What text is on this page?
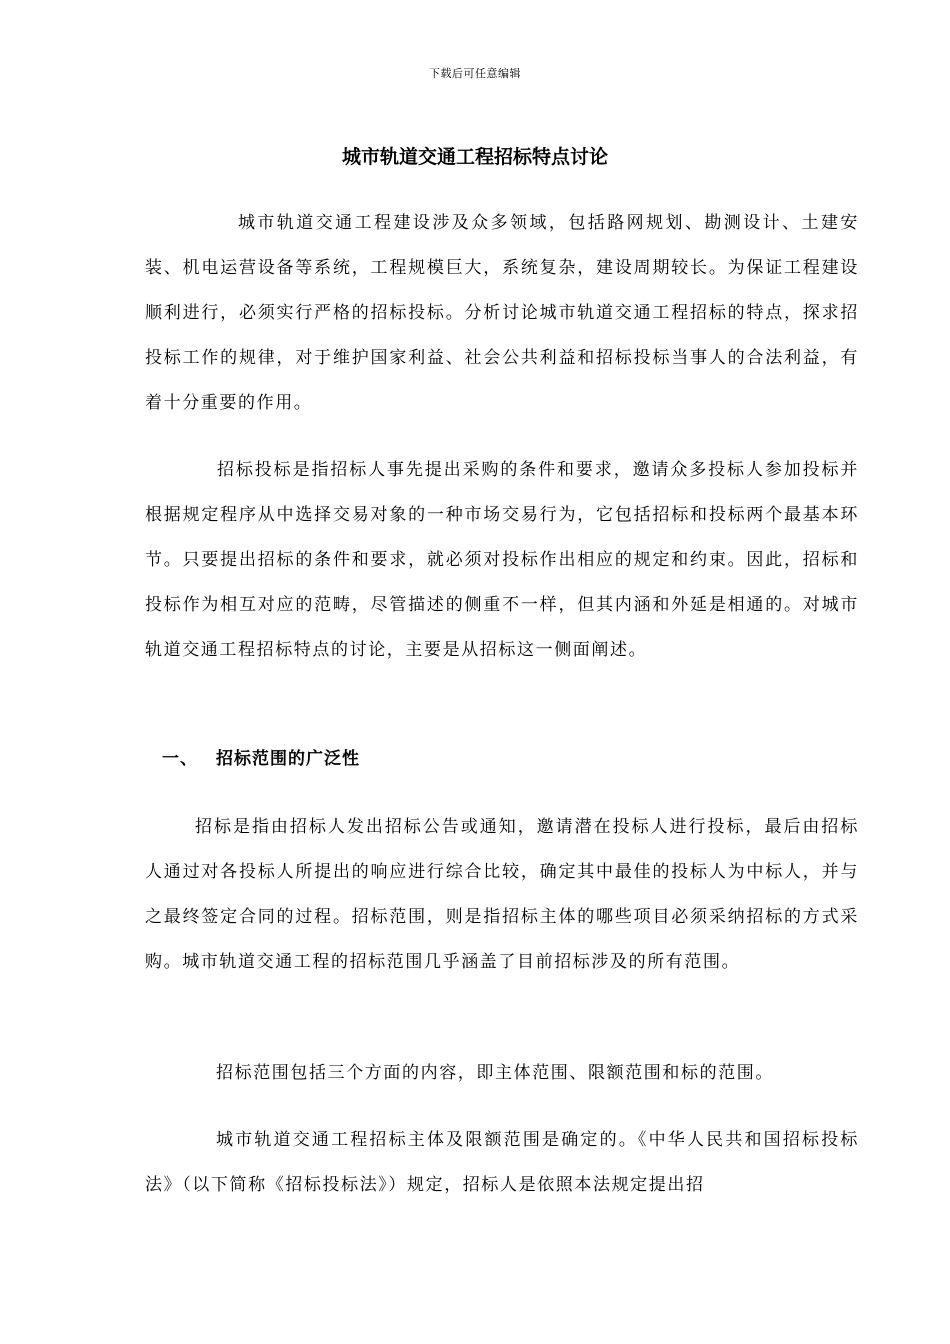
下载后可任意编辑
城市轨道交通工程招标特点讨论

城市轨道交通工程建设涉及众多领域，包括路网规划、勘测设计、土建安装、机电运营设备等系统，工程规模巨大，系统复杂，建设周期较长。为保证工程建设顺利进行，必须实行严格的招标投标。分析讨论城市轨道交通工程招标的特点，探求招投标工作的规律，对于维护国家利益、社会公共利益和招标投标当事人的合法利益，有着十分重要的作用。

招标投标是指招标人事先提出采购的条件和要求，邀请众多投标人参加投标并根据规定程序从中选择交易对象的一种市场交易行为，它包括招标和投标两个最基本环节。只要提出招标的条件和要求，就必须对投标作出相应的规定和约束。因此，招标和投标作为相互对应的范畴，尽管描述的侧重不一样，但其内涵和外延是相通的。对城市轨道交通工程招标特点的讨论，主要是从招标这一侧面阐述。

一、 招标范围的广泛性

招标是指由招标人发出招标公告或通知，邀请潜在投标人进行投标，最后由招标人通过对各投标人所提出的响应进行综合比较，确定其中最佳的投标人为中标人，并与之最终签定合同的过程。招标范围，则是指招标主体的哪些项目必须采纳招标的方式采购。城市轨道交通工程的招标范围几乎涵盖了目前招标涉及的所有范围。

招标范围包括三个方面的内容，即主体范围、限额范围和标的范围。

城市轨道交通工程招标主体及限额范围是确定的。《中华人民共和国招标投标法》（以下简称《招标投标法》）规定，招标人是依照本法规定提出招
